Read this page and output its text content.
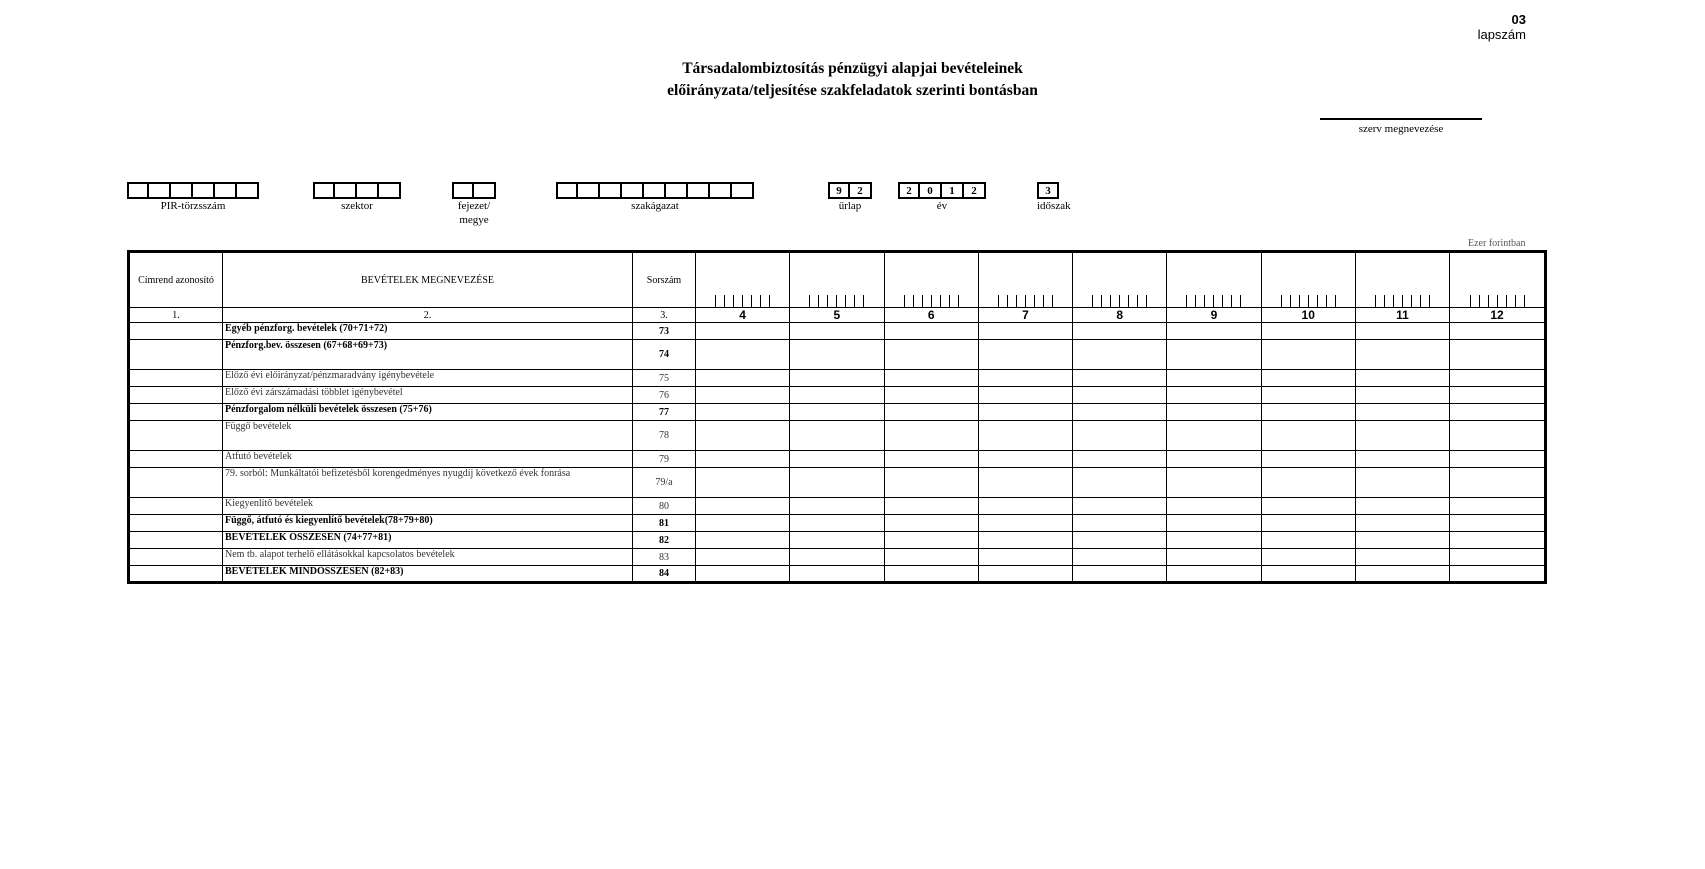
03
lapszám
Társadalombiztosítás pénzügyi alapjai bevételeinek
előirányzata/teljesítése szakfeladatok szerinti bontásban
szerv megnevezése
PIR-törzsszám	szektor	fejezet/
megye
szakágazat
9	2
űrlap
2	0	1	2
év
3
időszak
Ezer forintban
Címrend azonosító	BEVÉTELEK MEGNEVEZÉSE	Sorszám	

1.	2.	3.	4	5	6	7	8	9	10	11	12
	Egyéb pénzforg. bevételek (70+71+72)	73									
	Pénzforg.bev. összesen (67+68+69+73)	74									
	Előző évi előirányzat/pénzmaradvány igénybevétele	75									
	Előző évi zárszámadási többlet igénybevétel	76									
	Pénzforgalom nélküli bevételek összesen (75+76)	77									
	Függő bevételek	78									
	Átfutó bevételek	79									
	79. sorból: Munkáltatói befizetésből korengedményes nyugdíj következő évek fonrása	79/a									
	Kiegyenlítő bevételek	80									
	Függő, átfutó és kiegyenlítő bevételek(78+79+80)	81									
	BEVÉTELEK ÖSSZESEN (74+77+81)	82									
	Nem tb. alapot terhelő ellátásokkal kapcsolatos bevételek	83									
	BEVÉTELEK MINDÖSSZESEN (82+83)	84									
